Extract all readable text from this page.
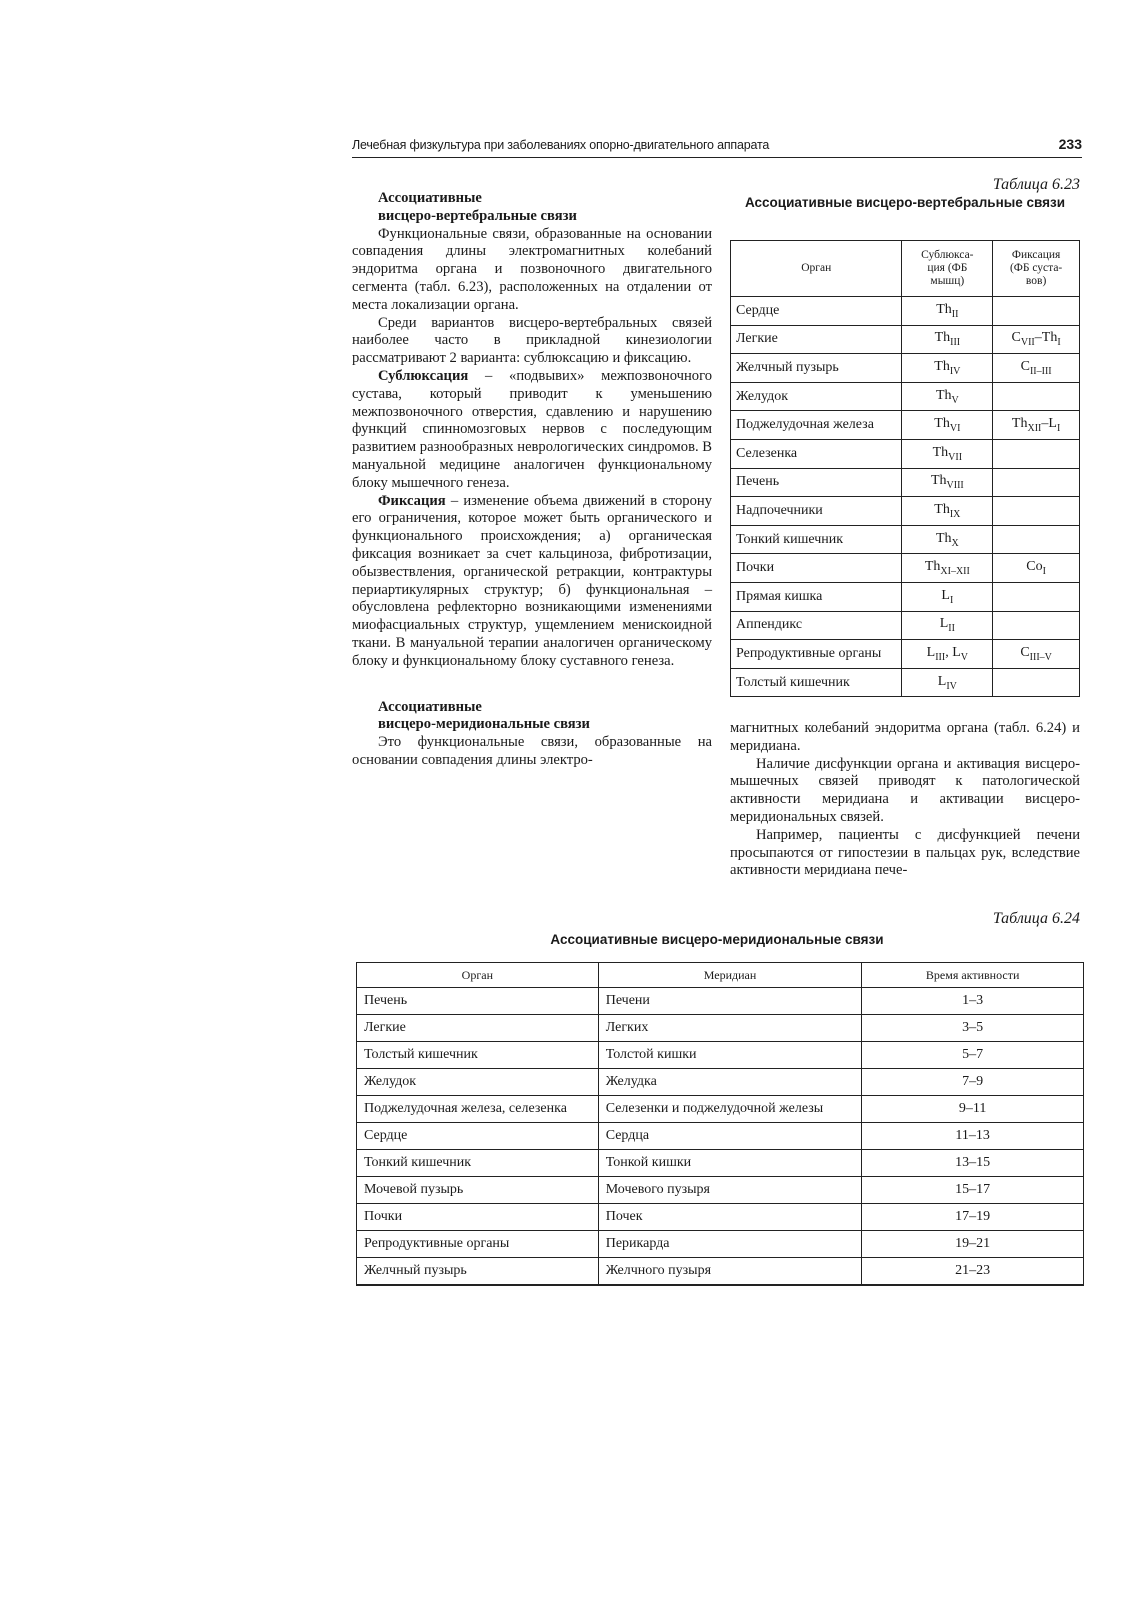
Лечебная физкультура при заболеваниях опорно-двигательного аппарата	233
Ассоциативные
висцеро-вертебральные связи

Функциональные связи, образованные на основании совпадения длины электромагнитных колебаний эндоритма органа и позвоночного двигательного сегмента (табл. 6.23), расположенных на отдалении от места локализации органа.

Среди вариантов висцеро-вертебральных связей наиболее часто в прикладной кинезиологии рассматривают 2 варианта: сублюксацию и фиксацию.

Сублюксация – «подвывих» межпозвоночного сустава, который приводит к уменьшению межпозвоночного отверстия, сдавлению и нарушению функций спинномозговых нервов с последующим развитием разнообразных неврологических синдромов. В мануальной медицине аналогичен функциональному блоку мышечного генеза.

Фиксация – изменение объема движений в сторону его ограничения, которое может быть органического и функционального происхождения; а) органическая фиксация возникает за счет кальциноза, фибротизации, обызвествления, органической ретракции, контрактуры периартикулярных структур; б) функциональная – обусловлена рефлекторно возникающими изменениями миофасциальных структур, ущемлением менискоидной ткани. В мануальной терапии аналогичен органическому блоку и функциональному блоку суставного генеза.

Ассоциативные
висцеро-меридиональные связи

Это функциональные связи, образованные на основании совпадения длины электро-

Таблица 6.23
Ассоциативные висцеро-вертебральные связи
Орган	Сублюкса-
ция (ФБ
мышц)	Фиксация
(ФБ суста-
вов)
Сердце	$Th_{II}$	
Легкие	$Th_{III}$	$C_{VII}-Th_I$
Желчный пузырь	$Th_{IV}$	$C_{II-III}$
Желудок	$Th_V$	
Поджелудочная железа	$Th_{VI}$	$Th_{XII}-L_I$
Селезенка	$Th_{VII}$	
Печень	$Th_{VIII}$	
Надпочечники	$Th_{IX}$	
Тонкий кишечник	$Th_X$	
Почки	$Th_{XI-XII}$	$Co_I$
Прямая кишка	$L_I$	
Аппендикс	$L_{II}$	
Репродуктивные органы	$L_{III}$, $L_V$	$C_{III-V}$
Толстый кишечник	$L_{IV}$	

магнитных колебаний эндоритма органа (табл. 6.24) и меридиана.

Наличие дисфункции органа и активация висцеро-мышечных связей приводят к патологической активности меридиана и активации висцеро-меридиональных связей.

Например, пациенты с дисфункцией печени просыпаются от гипостезии в пальцах рук, вследствие активности меридиана пече-

Таблица 6.24
Ассоциативные висцеро-меридиональные связи
Орган	Меридиан	Время активности
Печень	Печени	1–3
Легкие	Легких	3–5
Толстый кишечник	Толстой кишки	5–7
Желудок	Желудка	7–9
Поджелудочная железа, селезенка	Селезенки и поджелудочной железы	9–11
Сердце	Сердца	11–13
Тонкий кишечник	Тонкой кишки	13–15
Мочевой пузырь	Мочевого пузыря	15–17
Почки	Почек	17–19
Репродуктивные органы	Перикарда	19–21
Желчный пузырь	Желчного пузыря	21–23
